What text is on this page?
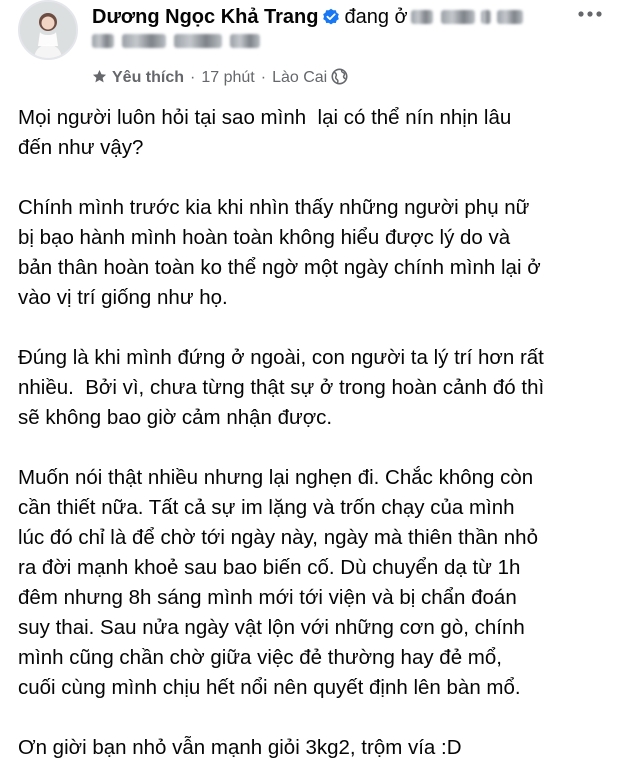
Dương Ngọc Khả Trang đang ở
Yêu thích · 17 phút · Lào Cai

Mọi người luôn hỏi tại sao mình  lại có thể nín nhịn lâu
đến như vậy?

Chính mình trước kia khi nhìn thấy những người phụ nữ
bị bạo hành mình hoàn toàn không hiểu được lý do và
bản thân hoàn toàn ko thể ngờ một ngày chính mình lại ở
vào vị trí giống như họ.

Đúng là khi mình đứng ở ngoài, con người ta lý trí hơn rất
nhiều.  Bởi vì, chưa từng thật sự ở trong hoàn cảnh đó thì
sẽ không bao giờ cảm nhận được.

Muốn nói thật nhiều nhưng lại nghẹn đi. Chắc không còn
cần thiết nữa. Tất cả sự im lặng và trốn chạy của mình
lúc đó chỉ là để chờ tới ngày này, ngày mà thiên thần nhỏ
ra đời mạnh khoẻ sau bao biến cố. Dù chuyển dạ từ 1h
đêm nhưng 8h sáng mình mới tới viện và bị chẩn đoán
suy thai. Sau nửa ngày vật lộn với những cơn gò, chính
mình cũng chần chờ giữa việc đẻ thường hay đẻ mổ,
cuối cùng mình chịu hết nổi nên quyết định lên bàn mổ.

Ơn giời bạn nhỏ vẫn mạnh giỏi 3kg2, trộm vía :D
